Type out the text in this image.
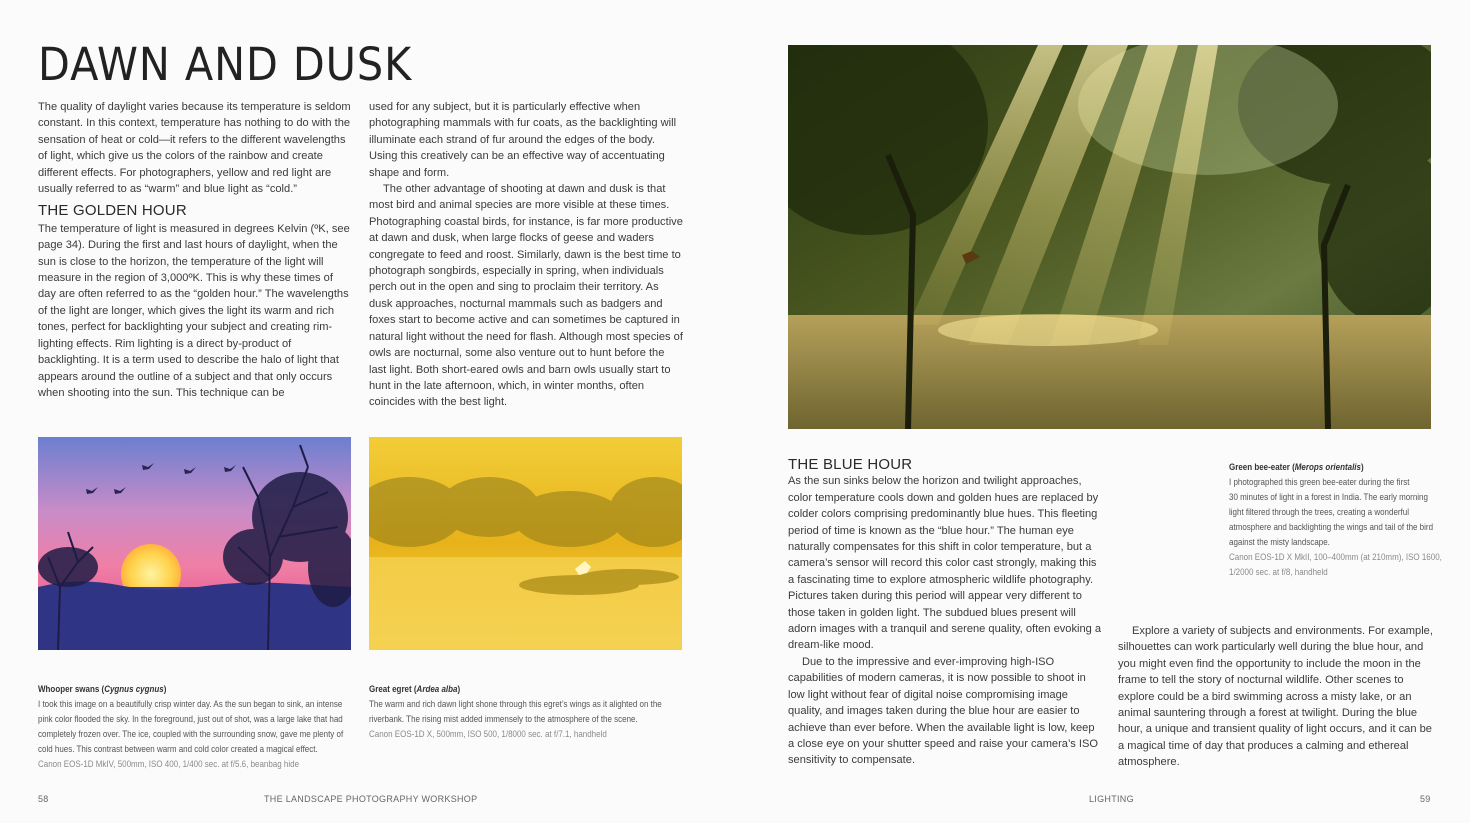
DAWN AND DUSK

The quality of daylight varies because its temperature is seldom constant. In this context, temperature has nothing to do with the sensation of heat or cold—it refers to the different wavelengths of light, which give us the colors of the rainbow and create different effects. For photographers, yellow and red light are usually referred to as “warm” and blue light as “cold.”

THE GOLDEN HOUR

The temperature of light is measured in degrees Kelvin (ºK, see page 34). During the first and last hours of daylight, when the sun is close to the horizon, the temperature of the light will measure in the region of 3,000ºK. This is why these times of day are often referred to as the “golden hour.” The wavelengths of the light are longer, which gives the light its warm and rich tones, perfect for backlighting your subject and creating rim-lighting effects. Rim lighting is a direct by-product of backlighting. It is a term used to describe the halo of light that appears around the outline of a subject and that only occurs when shooting into the sun. This technique can be

used for any subject, but it is particularly effective when photographing mammals with fur coats, as the backlighting will illuminate each strand of fur around the edges of the body. Using this creatively can be an effective way of accentuating shape and form.

The other advantage of shooting at dawn and dusk is that most bird and animal species are more visible at these times. Photographing coastal birds, for instance, is far more productive at dawn and dusk, when large flocks of geese and waders congregate to feed and roost. Similarly, dawn is the best time to photograph songbirds, especially in spring, when individuals perch out in the open and sing to proclaim their territory. As dusk approaches, nocturnal mammals such as badgers and foxes start to become active and can sometimes be captured in natural light without the need for flash. Although most species of owls are nocturnal, some also venture out to hunt before the last light. Both short-eared owls and barn owls usually start to hunt in the late afternoon, which, in winter months, often coincides with the best light.

Whooper swans (Cygnus cygnus)
I took this image on a beautifully crisp winter day. As the sun began to sink, an intense
pink color flooded the sky. In the foreground, just out of shot, was a large lake that had
completely frozen over. The ice, coupled with the surrounding snow, gave me plenty of
cold hues. This contrast between warm and cold color created a magical effect.
Canon EOS-1D MkIV, 500mm, ISO 400, 1/400 sec. at f/5.6, beanbag hide
Great egret (Ardea alba)
The warm and rich dawn light shone through this egret’s wings as it alighted on the
riverbank. The rising mist added immensely to the atmosphere of the scene.
Canon EOS-1D X, 500mm, ISO 500, 1/8000 sec. at f/7.1, handheld
Green bee-eater (Merops orientalis)
I photographed this green bee-eater during the first
30 minutes of light in a forest in India. The early morning
light filtered through the trees, creating a wonderful
atmosphere and backlighting the wings and tail of the bird
against the misty landscape.
Canon EOS-1D X MkII, 100–400mm (at 210mm), ISO 1600,
1/2000 sec. at f/8, handheld

THE BLUE HOUR

As the sun sinks below the horizon and twilight approaches, color temperature cools down and golden hues are replaced by colder colors comprising predominantly blue hues. This fleeting period of time is known as the “blue hour.” The human eye naturally compensates for this shift in color temperature, but a camera’s sensor will record this color cast strongly, making this a fascinating time to explore atmospheric wildlife photography. Pictures taken during this period will appear very different to those taken in golden light. The subdued blues present will adorn images with a tranquil and serene quality, often evoking a dream-like mood.

Due to the impressive and ever-improving high-ISO capabilities of modern cameras, it is now possible to shoot in low light without fear of digital noise compromising image quality, and images taken during the blue hour are easier to achieve than ever before. When the available light is low, keep a close eye on your shutter speed and raise your camera’s ISO sensitivity to compensate.

Explore a variety of subjects and environments. For example, silhouettes can work particularly well during the blue hour, and you might even find the opportunity to include the moon in the frame to tell the story of nocturnal wildlife. Other scenes to explore could be a bird swimming across a misty lake, or an animal sauntering through a forest at twilight. During the blue hour, a unique and transient quality of light occurs, and it can be a magical time of day that produces a calming and ethereal atmosphere.

58	THE LANDSCAPE PHOTOGRAPHY WORKSHOP	LIGHTING	59
